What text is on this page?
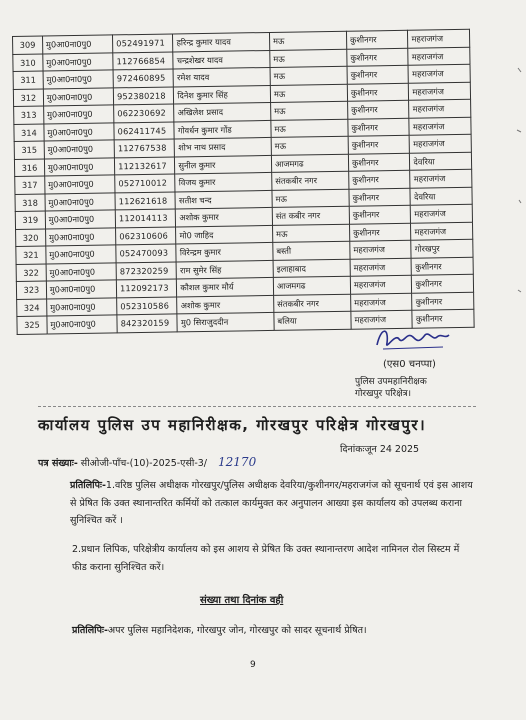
309	मु0आ0ना0पु0	052491971	हरिन्द्र कुमार यादव	मऊ	कुशीनगर	महराजगंज
310	मु0आ0ना0पु0	112766854	चन्द्रशेखर यादव	मऊ	कुशीनगर	महराजगंज
311	मु0आ0ना0पु0	972460895	रमेश यादव	मऊ	कुशीनगर	महराजगंज
312	मु0आ0ना0पु0	952380218	दिनेश कुमार सिंह	मऊ	कुशीनगर	महराजगंज
313	मु0आ0ना0पु0	062230692	अखिलेश प्रसाद	मऊ	कुशीनगर	महराजगंज
314	मु0आ0ना0पु0	062411745	गोवर्धन कुमार गोंड	मऊ	कुशीनगर	महराजगंज
315	मु0आ0ना0पु0	112767538	शोभ नाथ प्रसाद	मऊ	कुशीनगर	महराजगंज
316	मु0आ0ना0पु0	112132617	सुनील कुमार	आजमगढ	कुशीनगर	देवरिया
317	मु0आ0ना0पु0	052710012	विजय कुमार	संतकबीर नगर	कुशीनगर	महराजगंज
318	मु0आ0ना0पु0	112621618	सतीश चन्द	मऊ	कुशीनगर	देवरिया
319	मु0आ0ना0पु0	112014113	अशोक कुमार	संत कबीर नगर	कुशीनगर	महराजगंज
320	मु0आ0ना0पु0	062310606	मो0 जाहिद	मऊ	कुशीनगर	महराजगंज
321	मु0आ0ना0पु0	052470093	विरेन्द्रम कुमार	बस्ती	महराजगंज	गोरखपुर
322	मु0आ0ना0पु0	872320259	राम सुमेर सिंह	इलाहाबाद	महराजगंज	कुशीनगर
323	मु0आ0ना0पु0	112092173	कौशल कुमार मौर्य	आजमगढ	महराजगंज	कुशीनगर
324	मु0आ0ना0पु0	052310586	अशोक कुमार	संतकबीर नगर	महराजगंज	कुशीनगर
325	मु0आ0ना0पु0	842320159	मु0 सिराजुददीन	बलिया	महराजगंज	कुशीनगर
(एस0 चनप्पा)
पुलिस उपमहानिरीक्षक
गोरखपुर परिक्षेत्र।
कार्यालय पुलिस उप महानिरीक्षक, गोरखपुर परिक्षेत्र गोरखपुर।
दिनांकःजून 24 2025
पत्र संख्याः- सीओजी-पाँच-(10)-2025-एसी-3/ 12170
प्रतिलिपिः-1.वरिष्ठ पुलिस अधीक्षक गोरखपुर/पुलिस अधीक्षक देवरिया/कुशीनगर/महराजगंज को सूचनार्थ एवं इस आशय से प्रेषित कि उक्त स्थानान्तरित कर्मियों को तत्काल कार्यमुक्त कर अनुपालन आख्या इस कार्यालय को उपलब्ध कराना सुनिश्चित करें ।
2.प्रधान लिपिक, परिक्षेत्रीय कार्यालय को इस आशय से प्रेषित कि उक्त स्थानान्तरण आदेश नामिनल रोल सिस्टम में फीड कराना सुनिश्चित करें।
संख्या तथा दिनांक वही
प्रतिलिपिः-अपर पुलिस महानिदेशक, गोरखपुर जोन, गोरखपुर को सादर सूचनार्थ प्रेषित।
9
